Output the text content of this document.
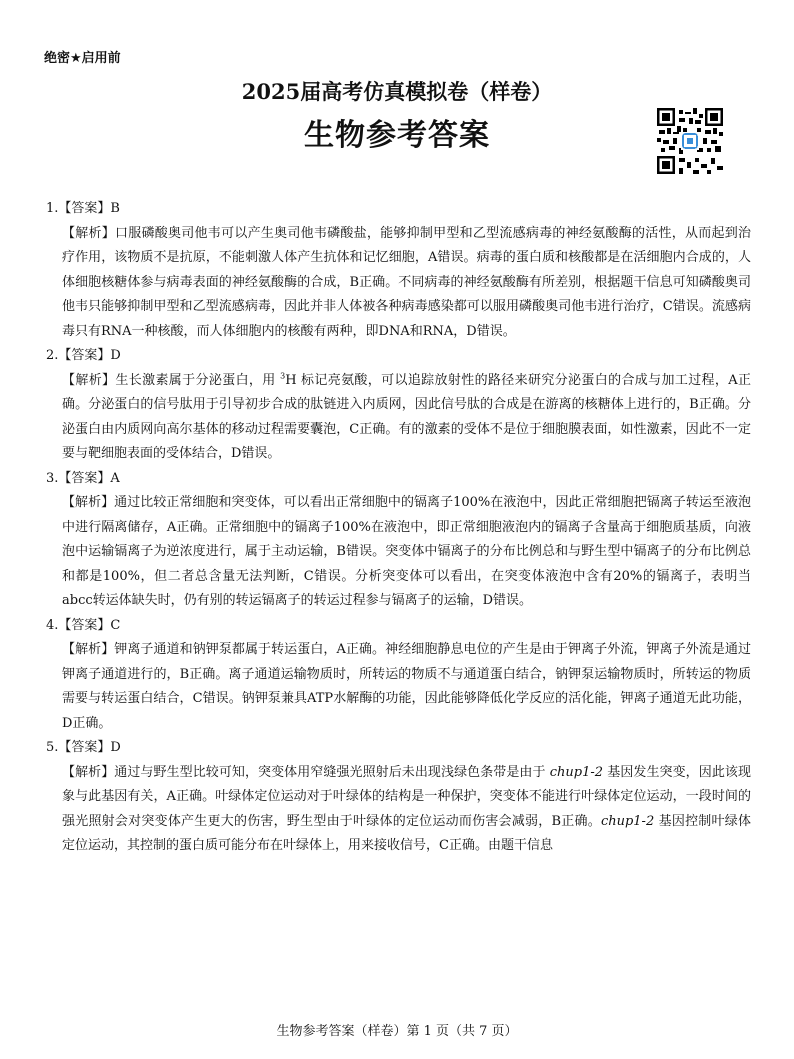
绝密★启用前
2025届高考仿真模拟卷（样卷）
生物参考答案

1.【答案】B

【解析】口服磷酸奥司他韦可以产生奥司他韦磷酸盐，能够抑制甲型和乙型流感病毒的神经氨酸酶的活性，从而起到治疗作用，该物质不是抗原，不能刺激人体产生抗体和记忆细胞，A错误。病毒的蛋白质和核酸都是在活细胞内合成的，人体细胞核糖体参与病毒表面的神经氨酸酶的合成，B正确。不同病毒的神经氨酸酶有所差别，根据题干信息可知磷酸奥司他韦只能够抑制甲型和乙型流感病毒，因此并非人体被各种病毒感染都可以服用磷酸奥司他韦进行治疗，C错误。流感病毒只有RNA一种核酸，而人体细胞内的核酸有两种，即DNA和RNA，D错误。

2.【答案】D

【解析】生长激素属于分泌蛋白，用 $^3$H 标记亮氨酸，可以追踪放射性的路径来研究分泌蛋白的合成与加工过程，A正确。分泌蛋白的信号肽用于引导初步合成的肽链进入内质网，因此信号肽的合成是在游离的核糖体上进行的，B正确。分泌蛋白由内质网向高尔基体的移动过程需要囊泡，C正确。有的激素的受体不是位于细胞膜表面，如性激素，因此不一定要与靶细胞表面的受体结合，D错误。

3.【答案】A

【解析】通过比较正常细胞和突变体，可以看出正常细胞中的镉离子100%在液泡中，因此正常细胞把镉离子转运至液泡中进行隔离储存，A正确。正常细胞中的镉离子100%在液泡中，即正常细胞液泡内的镉离子含量高于细胞质基质，向液泡中运输镉离子为逆浓度进行，属于主动运输，B错误。突变体中镉离子的分布比例总和与野生型中镉离子的分布比例总和都是100%，但二者总含量无法判断，C错误。分析突变体可以看出，在突变体液泡中含有20%的镉离子，表明当abcc转运体缺失时，仍有别的转运镉离子的转运过程参与镉离子的运输，D错误。

4.【答案】C

【解析】钾离子通道和钠钾泵都属于转运蛋白，A正确。神经细胞静息电位的产生是由于钾离子外流，钾离子外流是通过钾离子通道进行的，B正确。离子通道运输物质时，所转运的物质不与通道蛋白结合，钠钾泵运输物质时，所转运的物质需要与转运蛋白结合，C错误。钠钾泵兼具ATP水解酶的功能，因此能够降低化学反应的活化能，钾离子通道无此功能，D正确。

5.【答案】D

【解析】通过与野生型比较可知，突变体用窄缝强光照射后未出现浅绿色条带是由于 chup1-2 基因发生突变，因此该现象与此基因有关，A正确。叶绿体定位运动对于叶绿体的结构是一种保护，突变体不能进行叶绿体定位运动，一段时间的强光照射会对突变体产生更大的伤害，野生型由于叶绿体的定位运动而伤害会减弱，B正确。chup1-2 基因控制叶绿体定位运动，其控制的蛋白质可能分布在叶绿体上，用来接收信号，C正确。由题干信息

生物参考答案（样卷）第 1 页（共 7 页）
